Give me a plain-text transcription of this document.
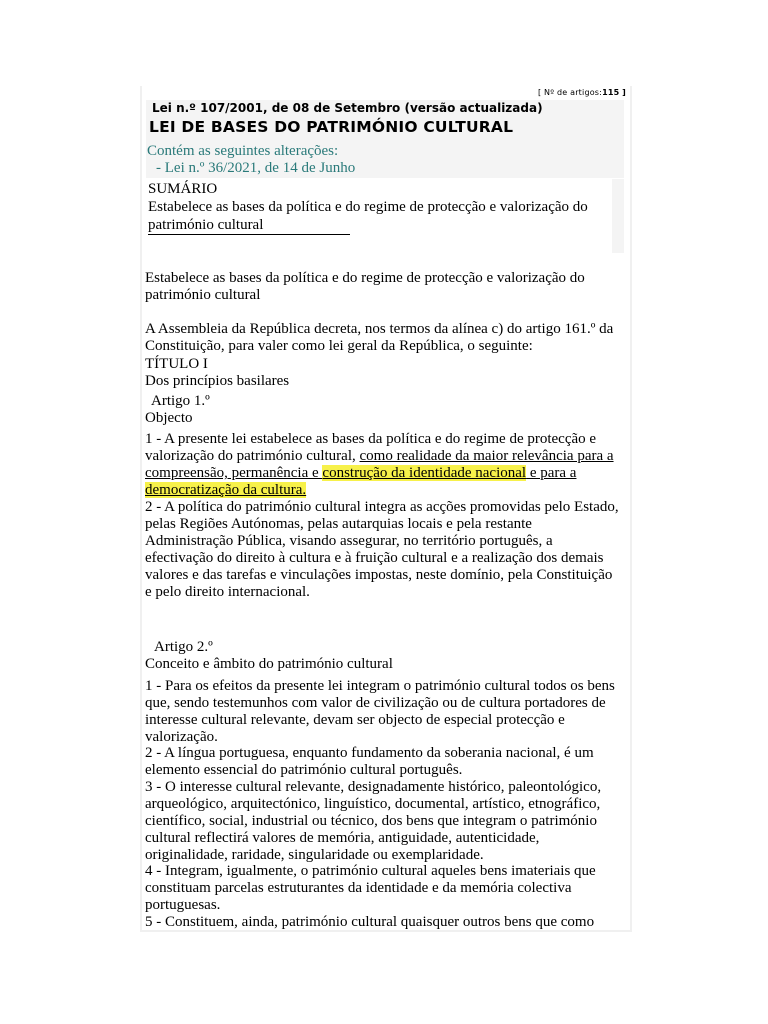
[ Nº de artigos:115 ]
Lei n.º 107/2001, de 08 de Setembro (versão actualizada)
LEI DE BASES DO PATRIMÓNIO CULTURAL
Contém as seguintes alterações:
- Lei n.º 36/2021, de 14 de Junho
SUMÁRIO
Estabelece as bases da política e do regime de protecção e valorização do património cultural
Estabelece as bases da política e do regime de protecção e valorização do património cultural
A Assembleia da República decreta, nos termos da alínea c) do artigo 161.º da Constituição, para valer como lei geral da República, o seguinte:
TÍTULO I
Dos princípios basilares
Artigo 1.º
Objecto
1 - A presente lei estabelece as bases da política e do regime de protecção e valorização do património cultural, como realidade da maior relevância para a compreensão, permanência e construção da identidade nacional e para a democratização da cultura.
2 - A política do património cultural integra as acções promovidas pelo Estado, pelas Regiões Autónomas, pelas autarquias locais e pela restante Administração Pública, visando assegurar, no território português, a efectivação do direito à cultura e à fruição cultural e a realização dos demais valores e das tarefas e vinculações impostas, neste domínio, pela Constituição e pelo direito internacional.
Artigo 2.º
Conceito e âmbito do património cultural
1 - Para os efeitos da presente lei integram o património cultural todos os bens que, sendo testemunhos com valor de civilização ou de cultura portadores de interesse cultural relevante, devam ser objecto de especial protecção e valorização.
2 - A língua portuguesa, enquanto fundamento da soberania nacional, é um elemento essencial do património cultural português.
3 - O interesse cultural relevante, designadamente histórico, paleontológico, arqueológico, arquitectónico, linguístico, documental, artístico, etnográfico, científico, social, industrial ou técnico, dos bens que integram o património cultural reflectirá valores de memória, antiguidade, autenticidade, originalidade, raridade, singularidade ou exemplaridade.
4 - Integram, igualmente, o património cultural aqueles bens imateriais que constituam parcelas estruturantes da identidade e da memória colectiva portuguesas.
5 - Constituem, ainda, património cultural quaisquer outros bens que como
